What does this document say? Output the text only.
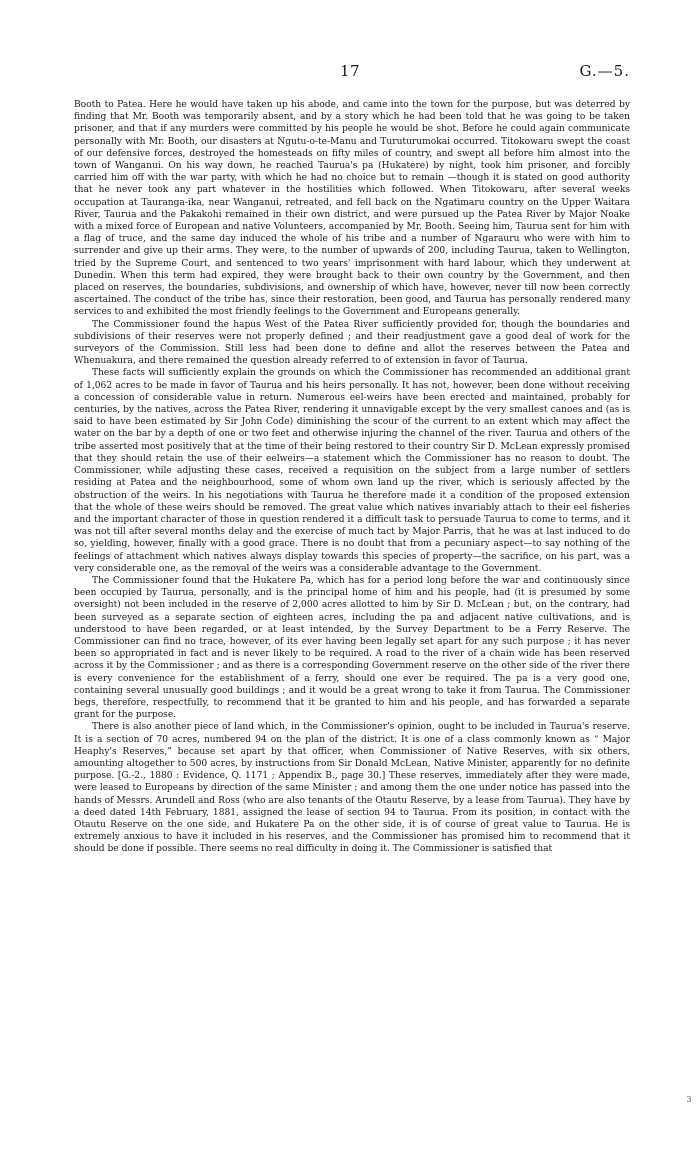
17	G.—5.

Booth to Patea. Here he would have taken up his abode, and came into the town for the purpose, but was deterred by finding that Mr. Booth was temporarily absent, and by a story which he had been told that he was going to be taken prisoner, and that if any murders were committed by his people he would be shot. Before he could again communicate personally with Mr. Booth, our disasters at Ngutu-o-te-Manu and Turuturumokai occurred. Titokowaru swept the coast of our defensive forces, destroyed the homesteads on fifty miles of country, and swept all before him almost into the town of Wanganui. On his way down, he reached Taurua's pa (Hukatere) by night, took him prisoner, and forcibly carried him off with the war party, with which he had no choice but to remain —though it is stated on good authority that he never took any part whatever in the hostilities which followed. When Titokowaru, after several weeks occupation at Tauranga-ika, near Wanganui, retreated, and fell back on the Ngatimaru country on the Upper Waitara River, Taurua and the Pakakohi remained in their own district, and were pursued up the Patea River by Major Noake with a mixed force of European and native Volunteers, accompanied by Mr. Booth. Seeing him, Taurua sent for him with a flag of truce, and the same day induced the whole of his tribe and a number of Ngarauru who were with him to surrender and give up their arms. They were, to the number of upwards of 200, including Taurua, taken to Wellington, tried by the Supreme Court, and sentenced to two years' imprisonment with hard labour, which they underwent at Dunedin. When this term had expired, they were brought back to their own country by the Government, and then placed on reserves, the boundaries, subdivisions, and ownership of which have, however, never till now been correctly ascertained. The conduct of the tribe has, since their restoration, been good, and Taurua has personally rendered many services to and exhibited the most friendly feelings to the Government and Europeans generally.

The Commissioner found the hapus West of the Patea River sufficiently provided for, though the boundaries and subdivisions of their reserves were not properly defined ; and their readjustment gave a good deal of work for the surveyors of the Commission. Still less had been done to define and allot the reserves between the Patea and Whenuakura, and there remained the question already referred to of extension in favor of Taurua.

These facts will sufficiently explain the grounds on which the Commissioner has recommended an additional grant of 1,062 acres to be made in favor of Taurua and his heirs personally. It has not, however, been done without receiving a concession of considerable value in return. Numerous eel-weirs have been erected and maintained, probably for centuries, by the natives, across the Patea River, rendering it unnavigable except by the very smallest canoes and (as is said to have been estimated by Sir John Code) diminishing the scour of the current to an extent which may affect the water on the bar by a depth of one or two feet and otherwise injuring the channel of the river. Taurua and others of the tribe asserted most positively that at the time of their being restored to their country Sir D. McLean expressly promised that they should retain the use of their eelweirs—a statement which the Commissioner has no reason to doubt. The Commissioner, while adjusting these cases, received a requisition on the subject from a large number of settlers residing at Patea and the neighbourhood, some of whom own land up the river, which is seriously affected by the obstruction of the weirs. In his negotiations with Taurua he therefore made it a condition of the proposed extension that the whole of these weirs should be removed. The great value which natives invariably attach to their eel fisheries and the important character of those in question rendered it a difficult task to persuade Taurua to come to terms, and it was not till after several months delay and the exercise of much tact by Major Parris, that he was at last induced to do so, yielding, however, finally with a good grace. There is no doubt that from a pecuniary aspect—to say nothing of the feelings of attachment which natives always display towards this species of property—the sacrifice, on his part, was a very considerable one, as the removal of the weirs was a considerable advantage to the Government.

The Commissioner found that the Hukatere Pa, which has for a period long before the war and continuously since been occupied by Taurua, personally, and is the principal home of him and his people, had (it is presumed by some oversight) not been included in the reserve of 2,000 acres allotted to him by Sir D. McLean ; but, on the contrary, had been surveyed as a separate section of eighteen acres, including the pa and adjacent native cultivations, and is understood to have been regarded, or at least intended, by the Survey Department to be a Ferry Reserve. The Commissioner can find no trace, however, of its ever having been legally set apart for any such purpose ; it has never been so appropriated in fact and is never likely to be required. A road to the river of a chain wide has been reserved across it by the Commissioner ; and as there is a corresponding Government reserve on the other side of the river there is every convenience for the establishment of a ferry, should one ever be required. The pa is a very good one, containing several unusually good buildings ; and it would be a great wrong to take it from Taurua. The Commissioner begs, therefore, respectfully, to recommend that it be granted to him and his people, and has forwarded a separate grant for the purpose.

There is also another piece of land which, in the Commissioner's opinion, ought to be included in Taurua's reserve. It is a section of 70 acres, numbered 94 on the plan of the district. It is one of a class commonly known as “ Major Heaphy's Reserves,” because set apart by that officer, when Commissioner of Native Reserves, with six others, amounting altogether to 500 acres, by instructions from Sir Donald McLean, Native Minister, apparently for no definite purpose. [G.-2., 1880 : Evidence, Q. 1171 ; Appendix B., page 30.] These reserves, immediately after they were made, were leased to Europeans by direction of the same Minister ; and among them the one under notice has passed into the hands of Messrs. Arundell and Ross (who are also tenants of the Otautu Reserve, by a lease from Taurua). They have by a deed dated 14th February, 1881, assigned the lease of section 94 to Taurua. From its position, in contact with the Otautu Reserve on the one side, and Hukatere Pa on the other side, it is of course of great value to Taurua. He is extremely anxious to have it included in his reserves, and the Commissioner has promised him to recommend that it should be done if possible. There seems no real difficulty in doing it. The Commissioner is satisfied that

3
